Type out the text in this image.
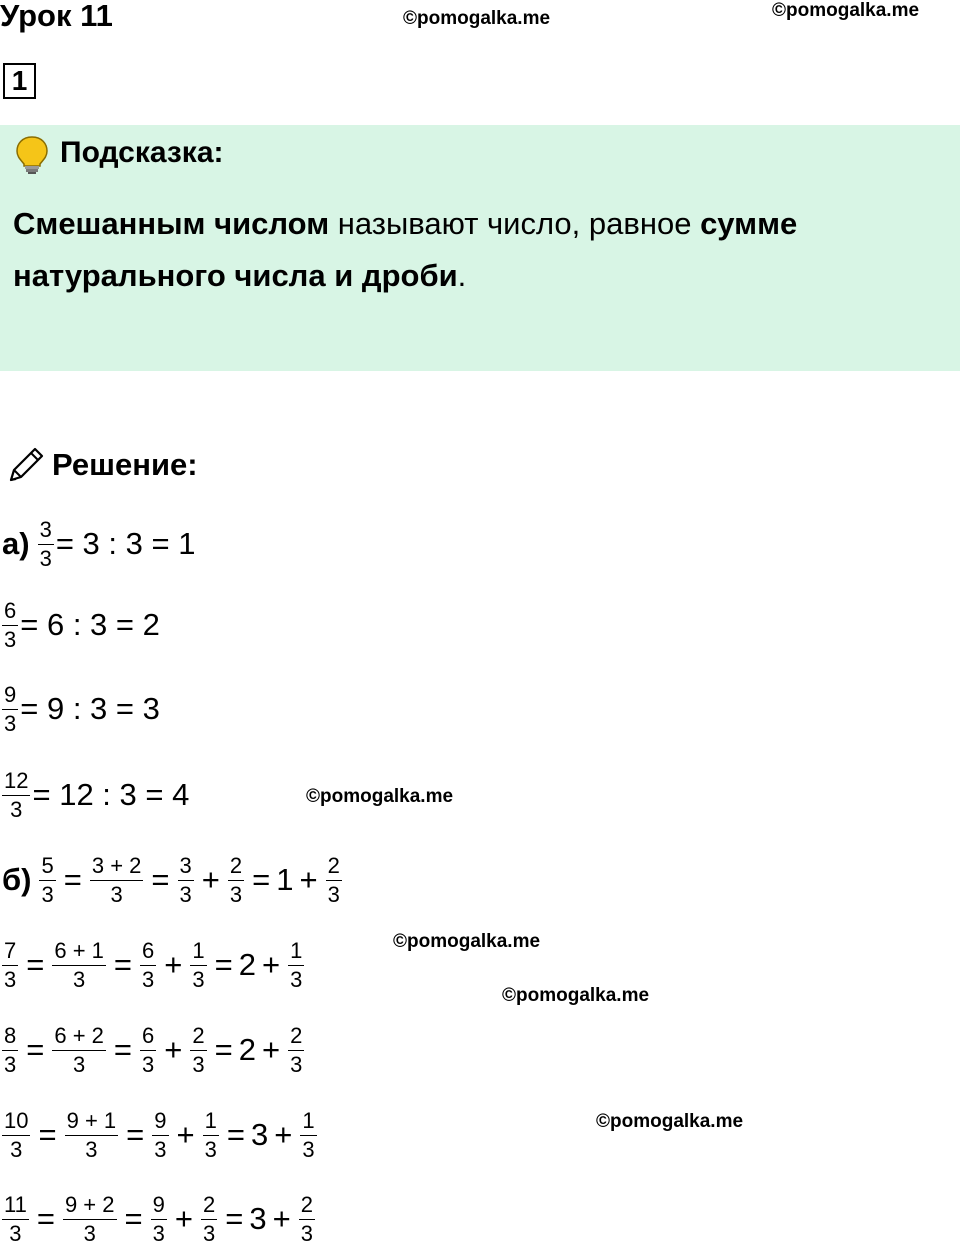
Урок 11	©pomogalka.me	©pomogalka.me
1
Подсказка:
Смешанным числом называют число, равное сумме натурального числа и дроби.
Решение:
$а) \frac{3}{3} = 3$ : 3 = 1
$\frac{6}{3} = 6$ : 3 = 2
$\frac{9}{3} = 9$ : 3 = 3
$\frac{12}{3} = 12$ : 3 = 4	©pomogalka.me
$б) \frac{5}{3} = \frac{3 + 2}{3} = \frac{3}{3} + \frac{2}{3} = 1 + \frac{2}{3}$
$\frac{7}{3} = \frac{6 + 1}{3} = \frac{6}{3} + \frac{1}{3} = 2 + \frac{1}{3}$	©pomogalka.me
©pomogalka.me
$\frac{8}{3} = \frac{6 + 2}{3} = \frac{6}{3} + \frac{2}{3} = 2 + \frac{2}{3}$
$\frac{10}{3} = \frac{9 + 1}{3} = \frac{9}{3} + \frac{1}{3} = 3 + \frac{1}{3}$	©pomogalka.me
$\frac{11}{3} = \frac{9 + 2}{3} = \frac{9}{3} + \frac{2}{3} = 3 + \frac{2}{3}$
